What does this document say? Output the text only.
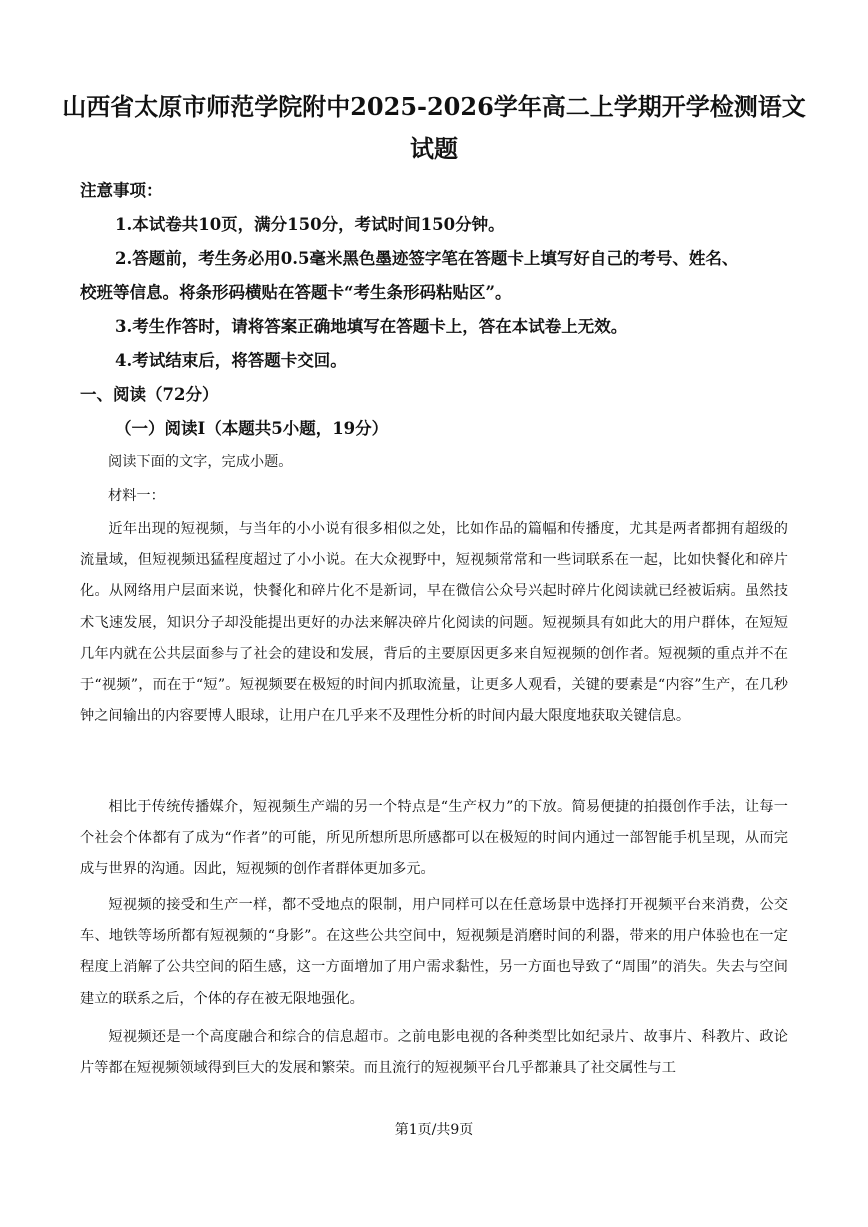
山西省太原市师范学院附中2025-2026学年高二上学期开学检测语文
试题
注意事项：
1.本试卷共10页，满分150分，考试时间150分钟。
2.答题前，考生务必用0.5毫米黑色墨迹签字笔在答题卡上填写好自己的考号、姓名、
校班等信息。将条形码横贴在答题卡“考生条形码粘贴区”。
3.考生作答时，请将答案正确地填写在答题卡上，答在本试卷上无效。
4.考试结束后，将答题卡交回。
一、阅读（72分）
（一）阅读Ⅰ（本题共5小题，19分）
阅读下面的文字，完成小题。
材料一：
近年出现的短视频，与当年的小小说有很多相似之处，比如作品的篇幅和传播度，尤其是两者都拥有超级的流量域，但短视频迅猛程度超过了小小说。在大众视野中，短视频常常和一些词联系在一起，比如快餐化和碎片化。从网络用户层面来说，快餐化和碎片化不是新词，早在微信公众号兴起时碎片化阅读就已经被诟病。虽然技术飞速发展，知识分子却没能提出更好的办法来解决碎片化阅读的问题。短视频具有如此大的用户群体，在短短几年内就在公共层面参与了社会的建设和发展，背后的主要原因更多来自短视频的创作者。短视频的重点并不在于“视频”，而在于“短”。短视频要在极短的时间内抓取流量，让更多人观看，关键的要素是“内容”生产，在几秒钟之间输出的内容要博人眼球，让用户在几乎来不及理性分析的时间内最大限度地获取关键信息。
相比于传统传播媒介，短视频生产端的另一个特点是“生产权力”的下放。简易便捷的拍摄创作手法，让每一个社会个体都有了成为“作者”的可能，所见所想所思所感都可以在极短的时间内通过一部智能手机呈现，从而完成与世界的沟通。因此，短视频的创作者群体更加多元。
短视频的接受和生产一样，都不受地点的限制，用户同样可以在任意场景中选择打开视频平台来消费，公交车、地铁等场所都有短视频的“身影”。在这些公共空间中，短视频是消磨时间的利器，带来的用户体验也在一定程度上消解了公共空间的陌生感，这一方面增加了用户需求黏性，另一方面也导致了“周围”的消失。失去与空间建立的联系之后，个体的存在被无限地强化。
短视频还是一个高度融合和综合的信息超市。之前电影电视的各种类型比如纪录片、故事片、科教片、政论片等都在短视频领域得到巨大的发展和繁荣。而且流行的短视频平台几乎都兼具了社交属性与工
第1页/共9页
